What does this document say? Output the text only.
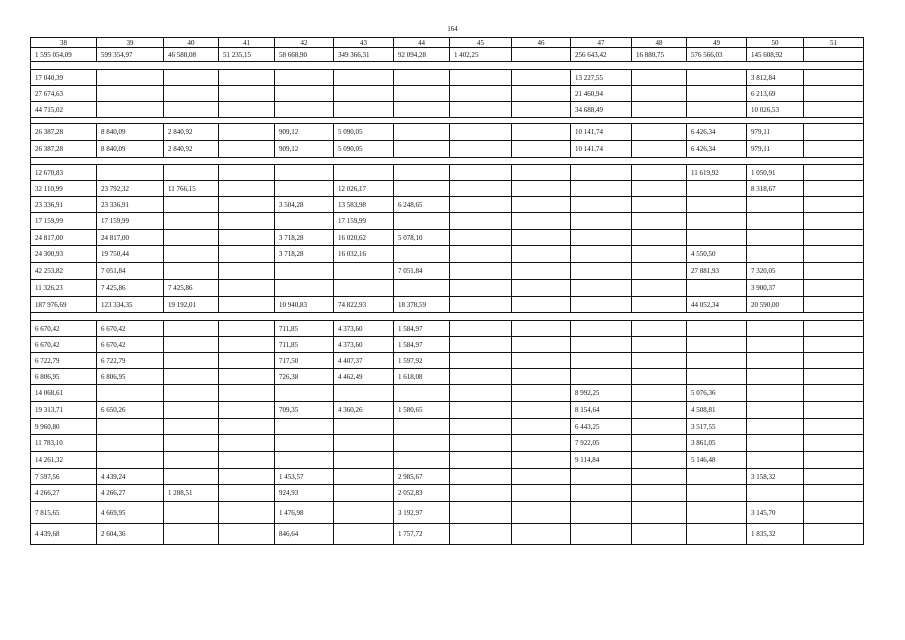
164
38	39	40	41	42	43	44	45	46	47	48	49	50	51
1 595 054,09	599 354,97	46 588,08	51 235,15	58 668,90	349 366,31	92 094,28	1 402,25		256 643,42	16 880,75	576 566,03	145 608,92	

17 040,39									13 227,55			3 812,84	
27 674,63									21 460,94			6 213,69	
44 715,02									34 688,49			10 026,53	

26 387,28	8 840,09	2 840,92		909,12	5 090,05				10 141,74		6 426,34	979,11	
26 387,28	8 840,09	2 840,92		909,12	5 090,05				10 141,74		6 426,34	979,11	

12 670,83											11 619,92	1 050,91	
32 110,99	23 792,32	11 766,15			12 026,17							8 318,67	
23 336,91	23 336,91			3 504,28	13 583,98	6 248,65							
17 159,99	17 159,99				17 159,99								
24 817,00	24 817,00			3 718,28	16 020,62	5 078,10							
24 300,93	19 750,44			3 718,28	16 032,16						4 550,50		
42 253,82	7 051,84					7 051,84					27 881,93	7 320,05	
11 326,23	7 425,86	7 425,86										3 900,37	
187 976,69	123 334,35	19 192,01		10 940,83	74 822,93	18 378,59					44 052,34	20 590,00	

6 670,42	6 670,42			711,85	4 373,60	1 584,97							
6 670,42	6 670,42			711,85	4 373,60	1 584,97							
6 722,79	6 722,79			717,50	4 407,37	1 597,92							
6 806,95	6 806,95			726,38	4 462,49	1 618,08							
14 068,61									8 992,25		5 076,36		
19 313,71	6 650,26			709,35	4 360,26	1 580,65			8 154,64		4 508,81		
9 960,80									6 443,25		3 517,55		
11 783,10									7 922,05		3 861,05		
14 261,32									9 114,84		5 146,48		
7 597,56	4 439,24			1 453,57		2 985,67						3 158,32	
4 266,27	4 266,27	1 288,51		924,93		2 052,83							
7 815,65	4 669,95			1 476,98		3 192,97						3 145,70	
4 439,68	2 604,36			846,64		1 757,72						1 835,32	
